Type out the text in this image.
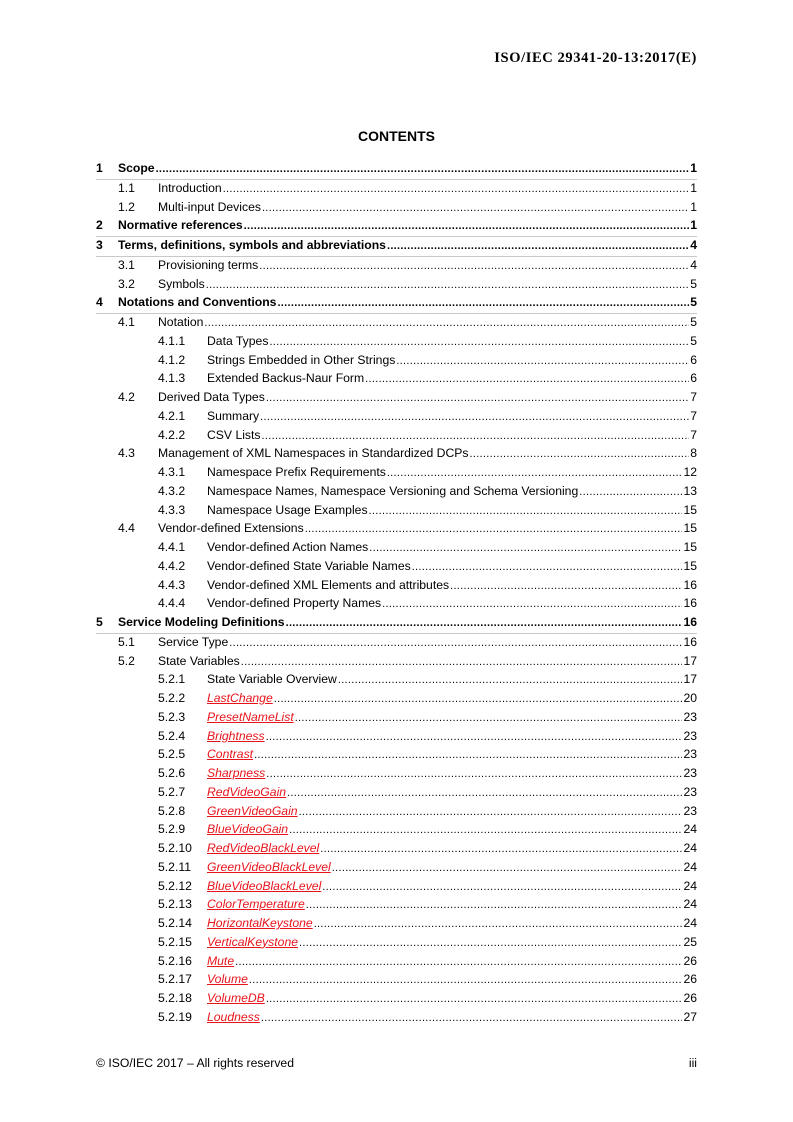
ISO/IEC 29341-20-13:2017(E)
CONTENTS
1 Scope .....	1
1.1 Introduction .....	1
1.2 Multi-input Devices .....	1
2 Normative references .....	1
3 Terms, definitions, symbols and abbreviations .....	4
3.1 Provisioning terms .....	4
3.2 Symbols .....	5
4 Notations and Conventions .....	5
4.1 Notation .....	5
4.1.1 Data Types .....	5
4.1.2 Strings Embedded in Other Strings .....	6
4.1.3 Extended Backus-Naur Form .....	6
4.2 Derived Data Types .....	7
4.2.1 Summary .....	7
4.2.2 CSV Lists .....	7
4.3 Management of XML Namespaces in Standardized DCPs .....	8
4.3.1 Namespace Prefix Requirements .....	12
4.3.2 Namespace Names, Namespace Versioning and Schema Versioning .....	13
4.3.3 Namespace Usage Examples .....	15
4.4 Vendor-defined Extensions .....	15
4.4.1 Vendor-defined Action Names .....	15
4.4.2 Vendor-defined State Variable Names .....	15
4.4.3 Vendor-defined XML Elements and attributes .....	16
4.4.4 Vendor-defined Property Names .....	16
5 Service Modeling Definitions .....	16
5.1 Service Type .....	16
5.2 State Variables .....	17
5.2.1 State Variable Overview .....	17
5.2.2 LastChange .....	20
5.2.3 PresetNameList .....	23
5.2.4 Brightness .....	23
5.2.5 Contrast .....	23
5.2.6 Sharpness .....	23
5.2.7 RedVideoGain .....	23
5.2.8 GreenVideoGain .....	23
5.2.9 BlueVideoGain .....	24
5.2.10 RedVideoBlackLevel .....	24
5.2.11 GreenVideoBlackLevel .....	24
5.2.12 BlueVideoBlackLevel .....	24
5.2.13 ColorTemperature .....	24
5.2.14 HorizontalKeystone .....	24
5.2.15 VerticalKeystone .....	25
5.2.16 Mute .....	26
5.2.17 Volume .....	26
5.2.18 VolumeDB .....	26
5.2.19 Loudness .....	27
© ISO/IEC 2017 – All rights reserved	iii
